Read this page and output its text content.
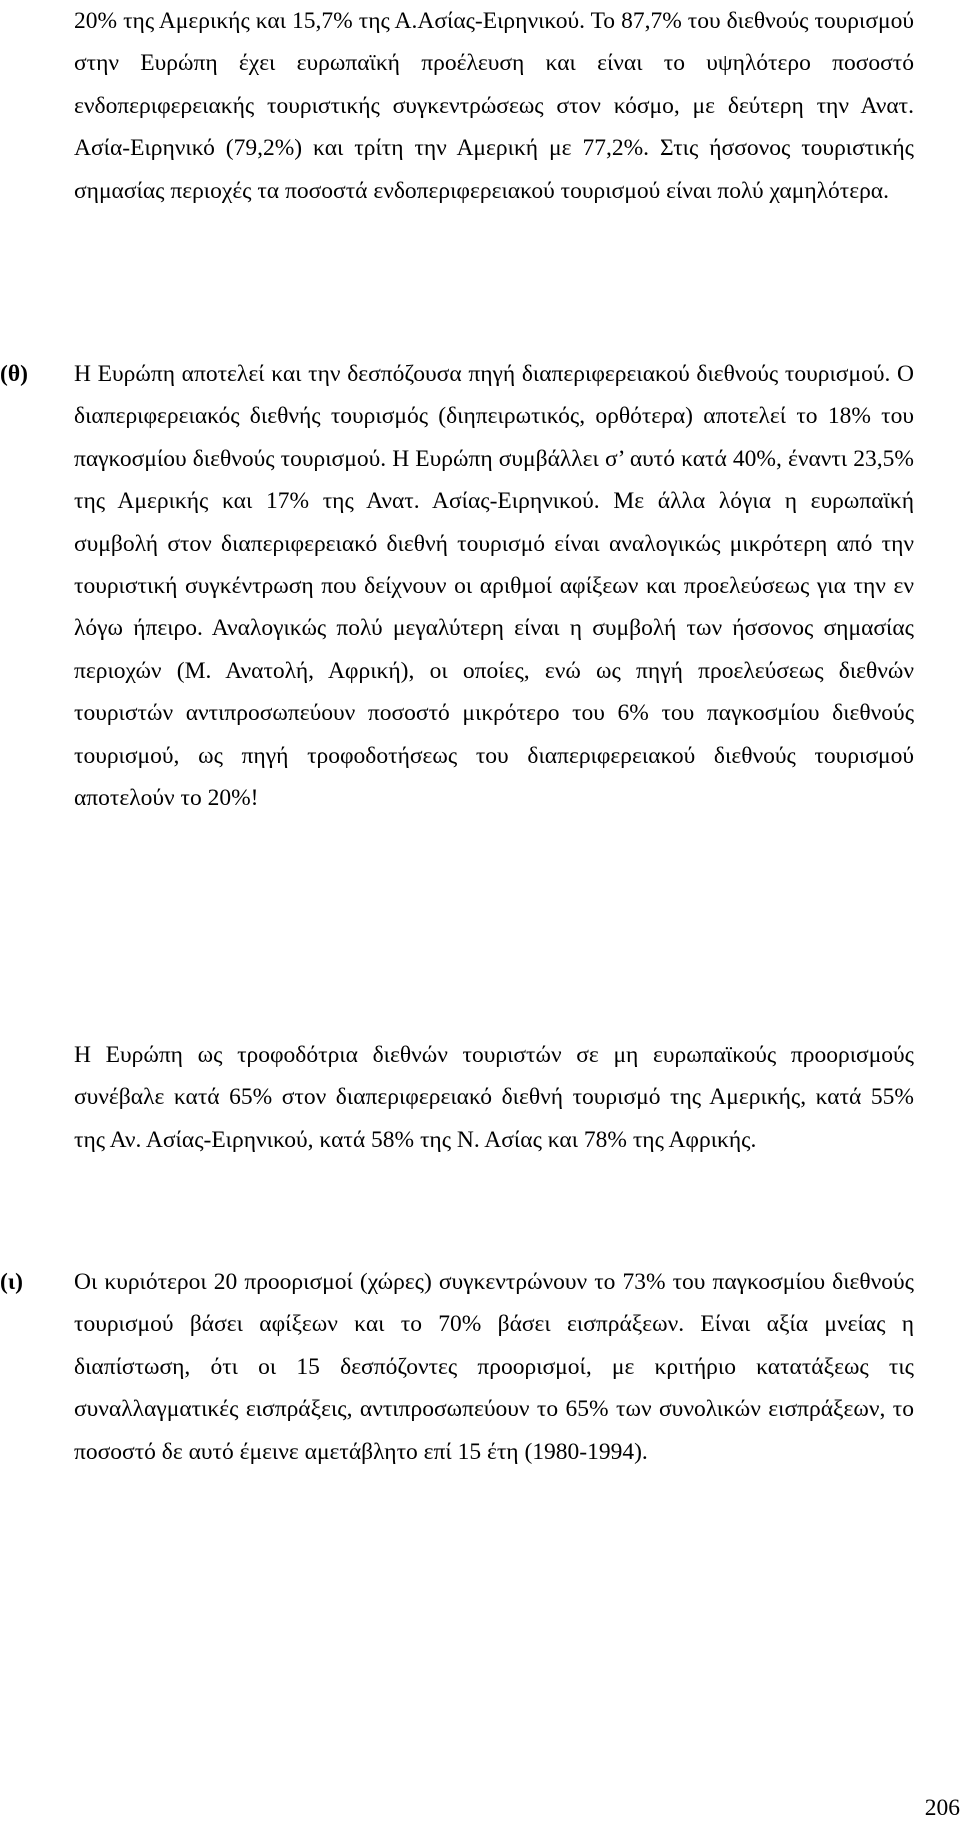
20% της Αμερικής και 15,7% της Α.Ασίας-Ειρηνικού. Το 87,7% του διεθνούς τουρισμού στην Ευρώπη έχει ευρωπαϊκή προέλευση και είναι το υψηλότερο ποσοστό ενδοπεριφερειακής τουριστικής συγκεντρώσεως στον κόσμο, με δεύτερη την Ανατ. Ασία-Ειρηνικό (79,2%) και τρίτη την Αμερική με 77,2%. Στις ήσσονος τουριστικής σημασίας περιοχές τα ποσοστά ενδοπεριφερειακού τουρισμού είναι πολύ χαμηλότερα.

(θ) Η Ευρώπη αποτελεί και την δεσπόζουσα πηγή διαπεριφερειακού διεθνούς τουρισμού. Ο διαπεριφερειακός διεθνής τουρισμός (διηπειρωτικός, ορθότερα) αποτελεί το 18% του παγκοσμίου διεθνούς τουρισμού. Η Ευρώπη συμβάλλει σ’ αυτό κατά 40%, έναντι 23,5% της Αμερικής και 17% της Ανατ. Ασίας-Ειρηνικού. Με άλλα λόγια η ευρωπαϊκή συμβολή στον διαπεριφερειακό διεθνή τουρισμό είναι αναλογικώς μικρότερη από την τουριστική συγκέντρωση που δείχνουν οι αριθμοί αφίξεων και προελεύσεως για την εν λόγω ήπειρο. Αναλογικώς πολύ μεγαλύτερη είναι η συμβολή των ήσσονος σημασίας περιοχών (Μ. Ανατολή, Αφρική), οι οποίες, ενώ ως πηγή προελεύσεως διεθνών τουριστών αντιπροσωπεύουν ποσοστό μικρότερο του 6% του παγκοσμίου διεθνούς τουρισμού, ως πηγή τροφοδοτήσεως του διαπεριφερειακού διεθνούς τουρισμού αποτελούν το 20%!

Η Ευρώπη ως τροφοδότρια διεθνών τουριστών σε μη ευρωπαϊκούς προορισμούς συνέβαλε κατά 65% στον διαπεριφερειακό διεθνή τουρισμό της Αμερικής, κατά 55% της Αν. Ασίας-Ειρηνικού, κατά 58% της Ν. Ασίας και 78% της Αφρικής.

(ι) Οι κυριότεροι 20 προορισμοί (χώρες) συγκεντρώνουν το 73% του παγκοσμίου διεθνούς τουρισμού βάσει αφίξεων και το 70% βάσει εισπράξεων. Είναι αξία μνείας η διαπίστωση, ότι οι 15 δεσπόζοντες προορισμοί, με κριτήριο κατατάξεως τις συναλλαγματικές εισπράξεις, αντιπροσωπεύουν το 65% των συνολικών εισπράξεων, το ποσοστό δε αυτό έμεινε αμετάβλητο επί 15 έτη (1980-1994).

206
